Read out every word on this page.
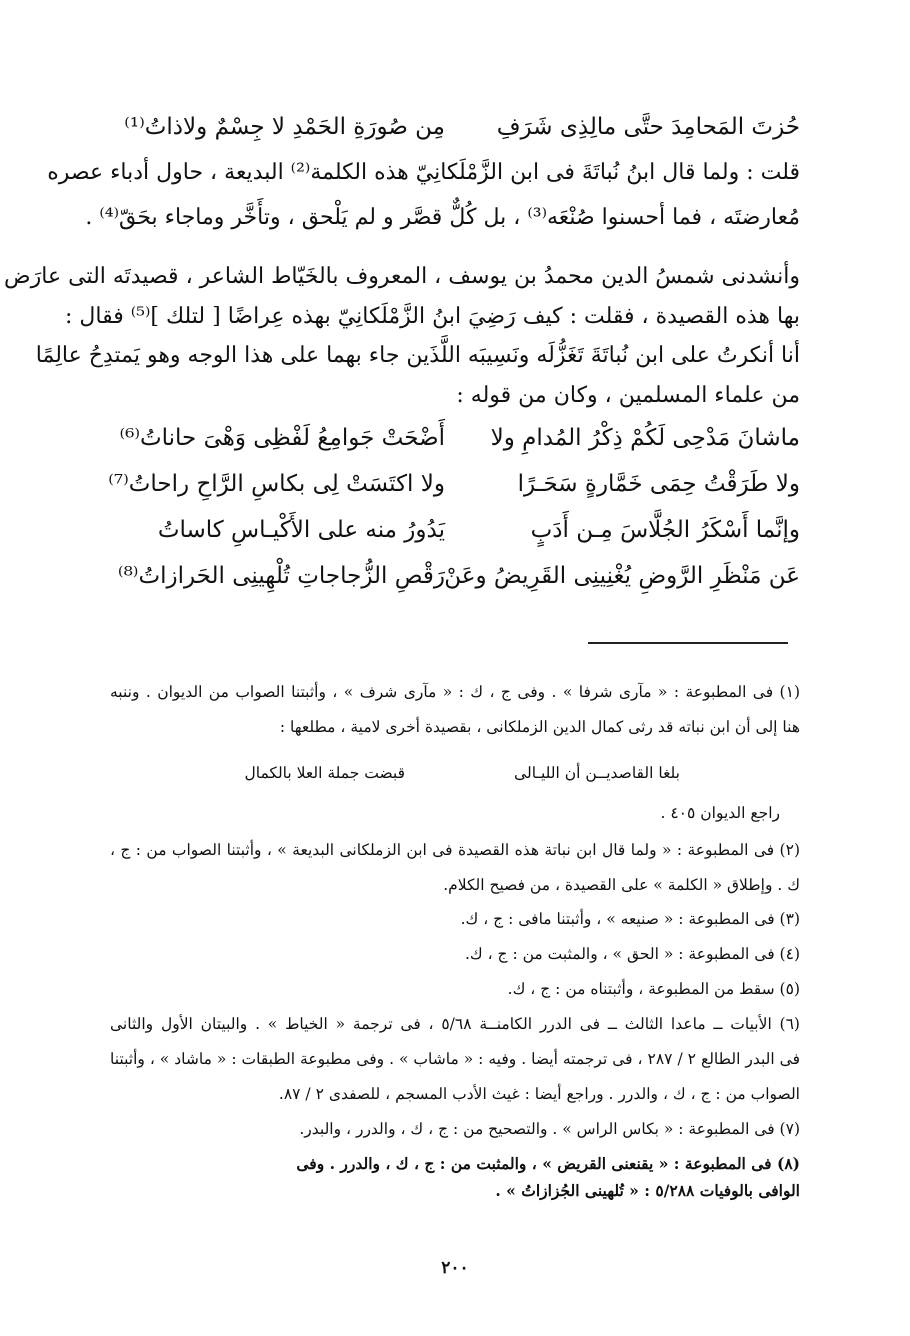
حُزتَ المَحامِدَ حتَّى مالِذِى شَرَفِ
مِن صُورَةِ الحَمْدِ لا جِسْمٌ ولاذاتُ⁽¹⁾
قلت : ولما قال ابنُ نُباتَةَ فى ابن الزَّمْلَكانِيّ هذه الكلمة⁽²⁾ البديعة ، حاول أدباء عصره
مُعارضتَه ، فما أحسنوا صُنْعَه⁽³⁾ ، بل كُلٌّ قصَّر و لم يَلْحق ، وتأَخَّر وماجاء بحَقّ⁽⁴⁾ .
وأنشدنى شمسُ الدين محمدُ بن يوسف ، المعروف بالخَيّاط الشاعر ، قصيدتَه التى عارَض
بها هذه القصيدة ، فقلت : كيف رَضِيَ ابنُ الزَّمْلَكانِيّ بهذه عِراضًا [ لتلك ]⁽⁵⁾ فقال :
أنا أنكرتُ على ابن نُباتَةَ تَغَزُّلَه ونَسِيبَه اللَّذَين جاء بهما على هذا الوجه وهو يَمتدِحُ عالِمًا
من علماء المسلمين ، وكان من قوله :
ماشانَ مَدْحِى لَكُمْ ذِكْرُ المُدامِ ولا
أَضْحَتْ جَوامِعُ لَفْظِى وَهْىَ حاناتُ⁽⁶⁾
ولا طَرَقْتُ حِمَى خَمَّارةٍ سَحَـرًا
ولا اكتَسَتْ لِى بكاسِ الرَّاحِ راحاتُ⁽⁷⁾
وإنَّما أَسْكَرُ الجُلَّاسَ مِـن أَدَبٍ
يَدُورُ منه على الأَكْيـاسِ كاساتُ
عَن مَنْظَرِ الرَّوضِ يُغْنِينِى القَرِيضُ وعَنْ
رَقْصِ الزُّجاجاتِ تُلْهِينِى الحَرازاتُ⁽⁸⁾
(١) فى المطبوعة : « مآرى شرفا » . وفى ج ، ك : « مآرى شرف » ، وأثبتنا الصواب من الديوان . وننبه
هنا إلى أن ابن نباته قد رثى كمال الدين الزملكانى ، بقصيدة أخرى لامية ، مطلعها :
بلغا القاصديــن أن الليـالى
قبضت جملة العلا بالكمال
راجع الديوان ٤٠٥ .
(٢) فى المطبوعة : « ولما قال ابن نباتة هذه القصيدة فى ابن الزملكانى البديعة » ، وأثبتنا الصواب من : ج ،
ك . وإطلاق « الكلمة » على القصيدة ، من فصيح الكلام.
(٣) فى المطبوعة : « صنيعه » ، وأثبتنا مافى : ج ، ك.
(٤) فى المطبوعة : « الحق » ، والمثبت من : ج ، ك.
(٥) سقط من المطبوعة ، وأثبتناه من : ج ، ك.
(٦) الأبيات ــ ماعدا الثالث ــ فى الدرر الكامنــة ٥/٦٨ ، فى ترجمة « الخياط » . والبيتان الأول والثانى
فى البدر الطالع ٢ / ٢٨٧ ، فى ترجمته أيضا . وفيه : « ماشاب » . وفى مطبوعة الطبقات : « ماشاد » ، وأثبتنا
الصواب من : ج ، ك ، والدرر . وراجع أيضا : غيث الأدب المسجم ، للصفدى ٢ / ٨٧.
(٧) فى المطبوعة : « بكاس الراس » . والتصحيح من : ج ، ك ، والدرر ، والبدر.
(٨) فى المطبوعة : « يقنعنى القريض » ، والمثبت من : ج ، ك ، والدرر . وفى
الوافى بالوفيات ٥/٢٨٨ : « تُلهينى الجُزازاتُ » .
٢٠٠
